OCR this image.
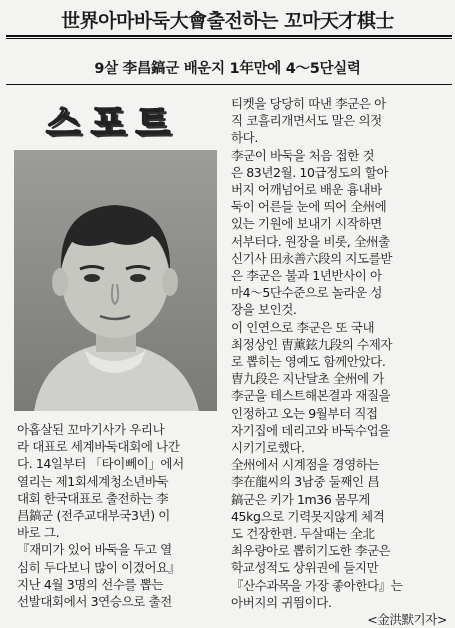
世界아마바둑大會출전하는 꼬마天才棋士
9살 李昌鎬군 배운지 1年만에 4～5단실력
스포트

아홉살된 꼬마기사가 우리나

라 대표로 세계바둑대회에 나간

다. 14일부터 「타이뻬이」에서

열리는 제1회세계청소년바둑

대회 한국대표로 출전하는 李

昌鎬군 (전주교대부국3년) 이

바로 그.

『재미가 있어 바둑을 두고 열

심히 두다보니 많이 이겼어요』

지난 4월 3명의 선수를 뽑는

선발대회에서 3연승으로 출전

티켓을 당당히 따낸 李군은 아

직 코흘리개면서도 말은 의젓

하다.

李군이 바둑을 처음 접한 것

은 83년2월. 10급정도의 할아

버지 어깨넘어로 배운 흉내바

둑이 어른들 눈에 띄어 全州에

있는 기원에 보내기 시작하면

서부터다. 원장을 비롯, 全州출

신기사 田永善六段의 지도를받

은 李군은 불과 1년반사이 아

마4～5단수준으로 놀라운 성

장을 보인것.

이 인연으로 李군은 또 국내

최정상인 曺薰鉉九段의 수제자

로 뽑히는 영예도 함께안았다.

曺九段은 지난달초 全州에 가

李군을 테스트해본결과 재질을

인정하고 오는 9월부터 직접

자기집에 데리고와 바둑수업을

시키기로했다.

全州에서 시계점을 경영하는

李在龍씨의 3남중 둘째인 昌

鎬군은 키가 1m36 몸무게

45kg으로 기력못지않게 체격

도 건장한편. 두살때는 全北

최우량아로 뽑히기도한 李군은

학교성적도 상위권에 들지만

『산수과목을 가장 좋아한다』는

아버지의 귀띔이다.

<金洪默기자>
